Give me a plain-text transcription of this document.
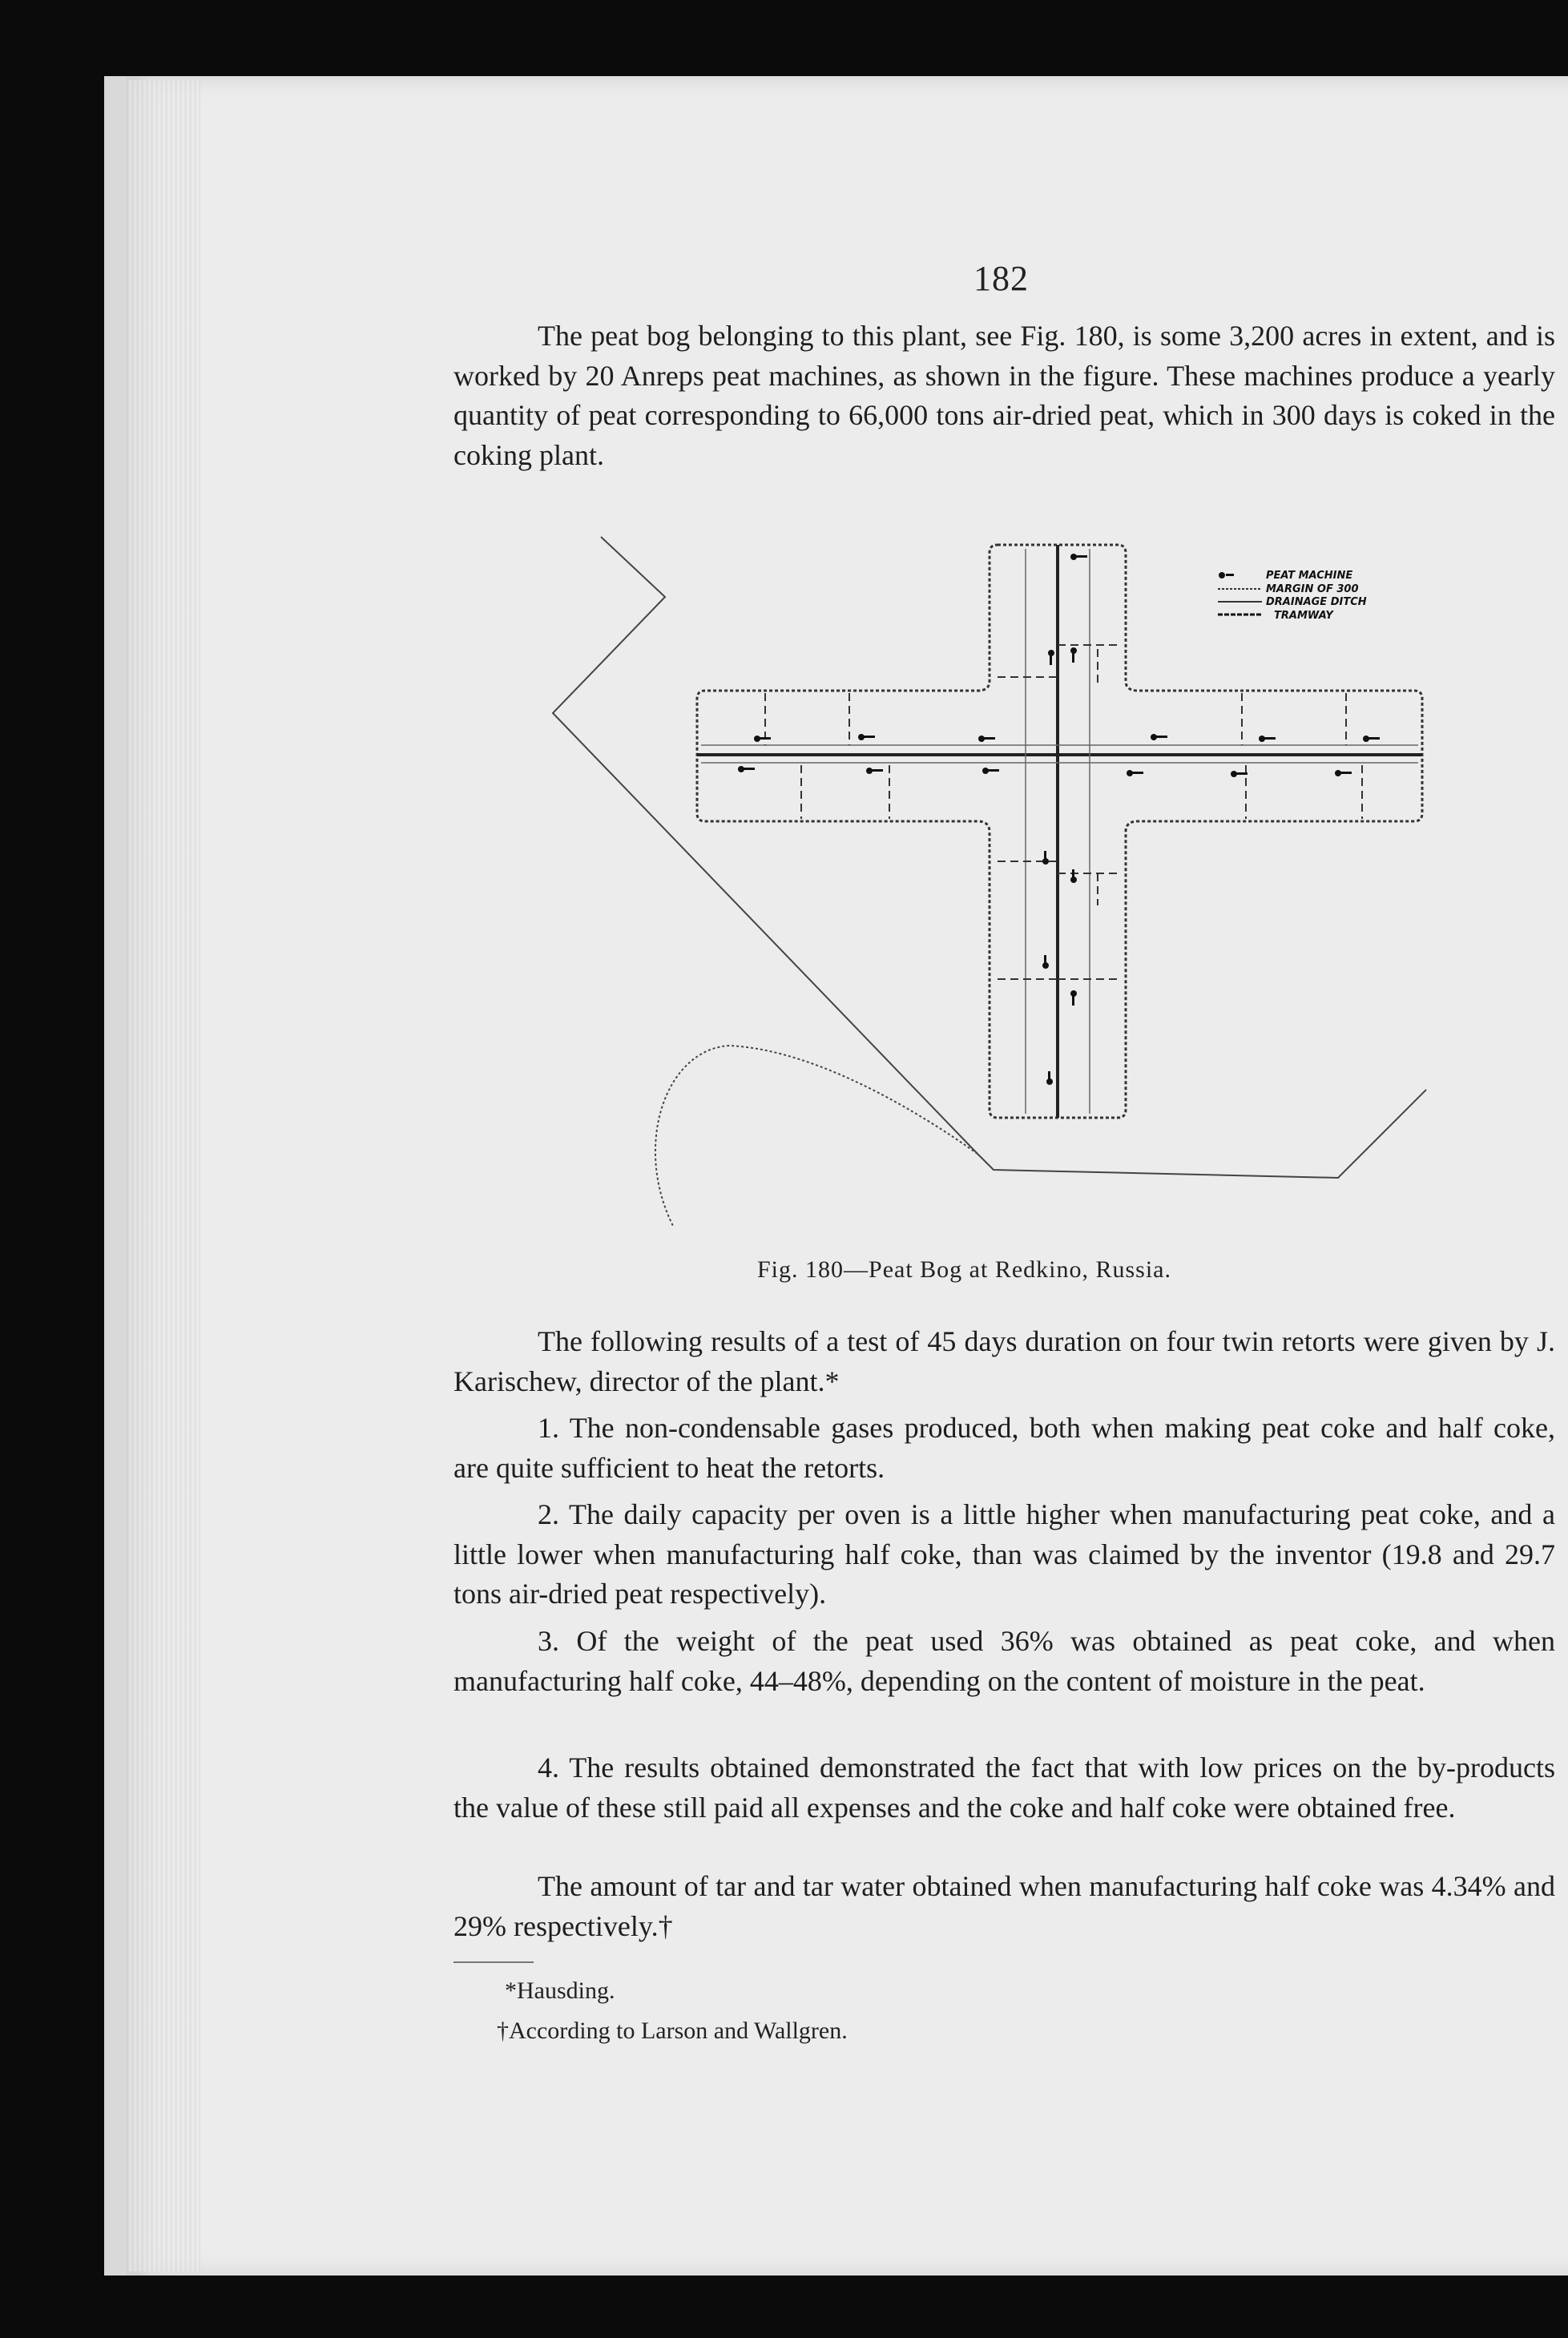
182

The peat bog belonging to this plant, see Fig. 180, is some 3,200 acres in extent, and is worked by 20 Anreps peat machines, as shown in the figure. These machines produce a yearly quantity of peat corresponding to 66,000 tons air-dried peat, which in 300 days is coked in the coking plant.

PEAT MACHINE
MARGIN OF 300
DRAINAGE DITCH
TRAMWAY
Fig. 180—Peat Bog at Redkino, Russia.

The following results of a test of 45 days duration on four twin retorts were given by J. Karischew, director of the plant.*

1. The non-condensable gases produced, both when making peat coke and half coke, are quite sufficient to heat the retorts.

2. The daily capacity per oven is a little higher when manufacturing peat coke, and a little lower when manufacturing half coke, than was claimed by the inventor (19.8 and 29.7 tons air-dried peat respectively).

3. Of the weight of the peat used 36% was obtained as peat coke, and when manufacturing half coke, 44–48%, depending on the content of moisture in the peat.

4. The results obtained demonstrated the fact that with low prices on the by-products the value of these still paid all expenses and the coke and half coke were obtained free.

The amount of tar and tar water obtained when manufacturing half coke was 4.34% and 29% respectively.†

*Hausding.
†According to Larson and Wallgren.
